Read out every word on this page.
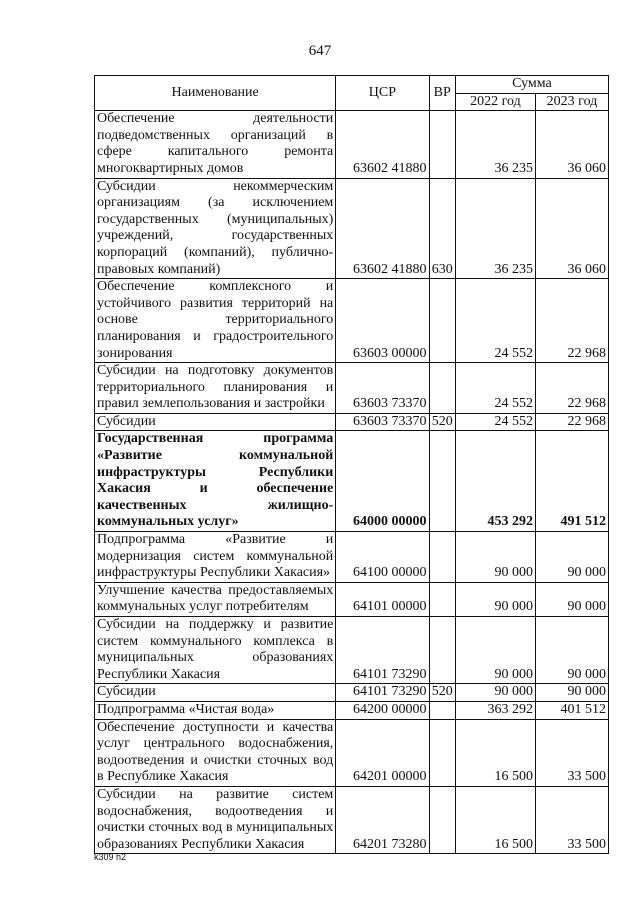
647
Наименование	ЦСР	ВР	Сумма	
			2022 год	2023 год
Обеспечение деятельности подведомственных организаций в сфере капитального ремонта многоквартирных домов	63602 41880		36 235	36 060
Субсидии некоммерческим организациям (за исключением государственных (муниципальных) учреждений, государственных корпораций (компаний), публично-правовых компаний)	63602 41880	630	36 235	36 060
Обеспечение комплексного и устойчивого развития территорий на основе территориального планирования и градостроительного зонирования	63603 00000		24 552	22 968
Субсидии на подготовку документов территориального планирования и правил землепользования и застройки	63603 73370		24 552	22 968
Субсидии	63603 73370	520	24 552	22 968
Государственная программа «Развитие коммунальной инфраструктуры Республики Хакасия и обеспечение качественных жилищно-коммунальных услуг»	64000 00000		453 292	491 512
Подпрограмма «Развитие и модернизация систем коммунальной инфраструктуры Республики Хакасия»	64100 00000		90 000	90 000
Улучшение качества предоставляемых коммунальных услуг потребителям	64101 00000		90 000	90 000
Субсидии на поддержку и развитие систем коммунального комплекса в муниципальных образованиях Республики Хакасия	64101 73290		90 000	90 000
Субсидии	64101 73290	520	90 000	90 000
Подпрограмма «Чистая вода»	64200 00000		363 292	401 512
Обеспечение доступности и качества услуг центрального водоснабжения, водоотведения и очистки сточных вод в Республике Хакасия	64201 00000		16 500	33 500
Субсидии на развитие систем водоснабжения, водоотведения и очистки сточных вод в муниципальных образованиях Республики Хакасия	64201 73280		16 500	33 500
k309 h2
